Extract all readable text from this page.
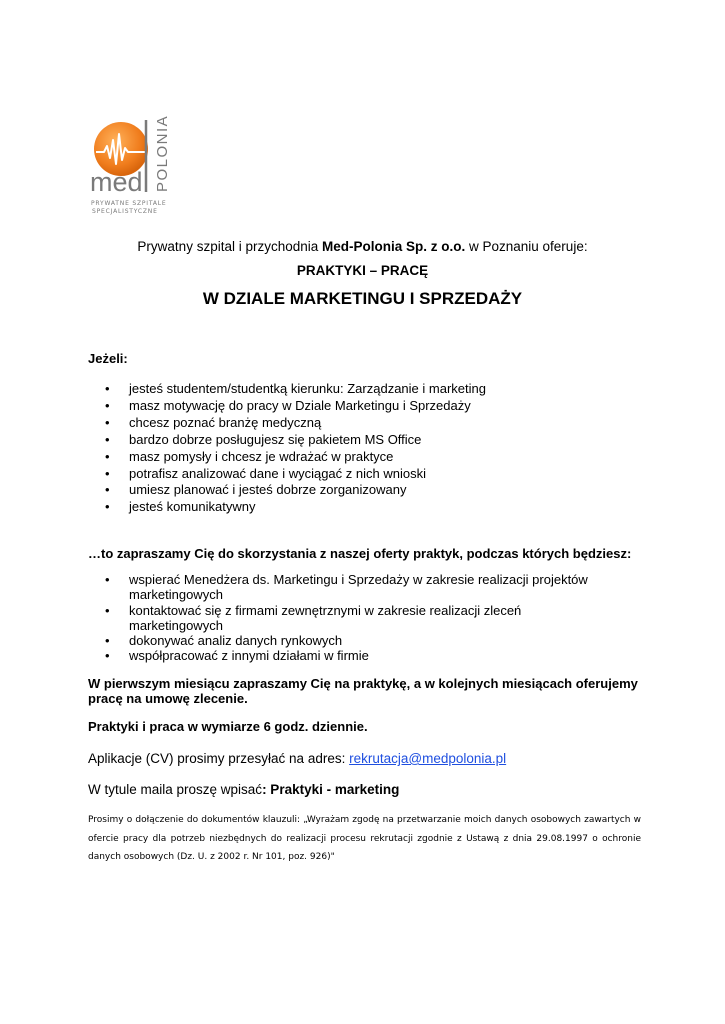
med POLONIA
PRYWATNE SZPITALE
SPECJALISTYCZNE
Prywatny szpital i przychodnia Med-Polonia Sp. z o.o. w Poznaniu oferuje:
PRAKTYKI – PRACĘ
W DZIALE MARKETINGU I SPRZEDAŻY
Jeżeli:
• jesteś studentem/studentką kierunku: Zarządzanie i marketing
• masz motywację do pracy w Dziale Marketingu i Sprzedaży
• chcesz poznać branżę medyczną
• bardzo dobrze posługujesz się pakietem MS Office
• masz pomysły i chcesz je wdrażać w praktyce
• potrafisz analizować dane i wyciągać z nich wnioski
• umiesz planować i jesteś dobrze zorganizowany
• jesteś komunikatywny
…to zapraszamy Cię do skorzystania z naszej oferty praktyk, podczas których będziesz:
• wspierać Menedżera ds. Marketingu i Sprzedaży w zakresie realizacji projektów marketingowych
• kontaktować się z firmami zewnętrznymi w zakresie realizacji zleceń marketingowych
• dokonywać analiz danych rynkowych
• współpracować z innymi działami w firmie
W pierwszym miesiącu zapraszamy Cię na praktykę, a w kolejnych miesiącach oferujemy pracę na umowę zlecenie.
Praktyki i praca w wymiarze 6 godz. dziennie.
Aplikacje (CV) prosimy przesyłać na adres: rekrutacja@medpolonia.pl
W tytule maila proszę wpisać: Praktyki - marketing
Prosimy o dołączenie do dokumentów klauzuli: „Wyrażam zgodę na przetwarzanie moich danych osobowych zawartych w ofercie pracy dla potrzeb niezbędnych do realizacji procesu rekrutacji zgodnie z Ustawą z dnia 29.08.1997 o ochronie danych osobowych (Dz. U. z 2002 r. Nr 101, poz. 926)"
